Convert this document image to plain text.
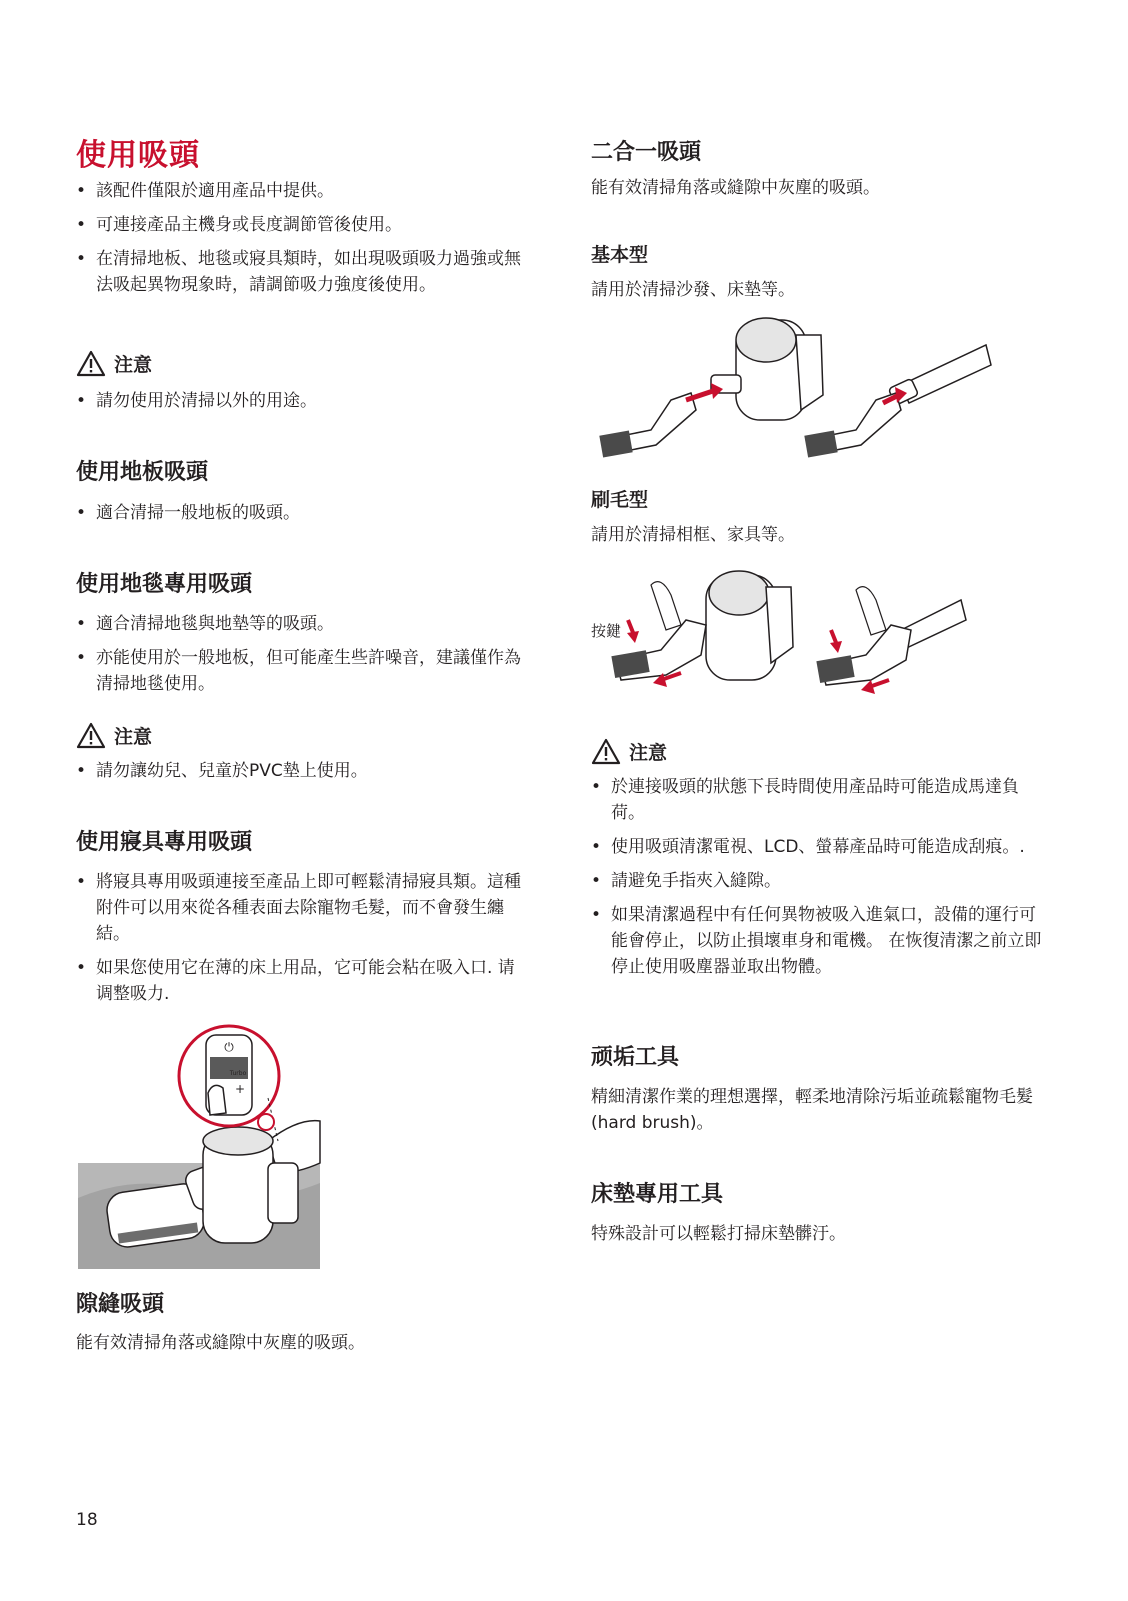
使用吸頭
• 該配件僅限於適用產品中提供。
• 可連接產品主機身或長度調節管後使用。
• 在清掃地板、地毯或寢具類時，如出現吸頭吸力過強或無法吸起異物現象時，請調節吸力強度後使用。
注意
• 請勿使用於清掃以外的用途。
使用地板吸頭
• 適合清掃一般地板的吸頭。
使用地毯專用吸頭
• 適合清掃地毯與地墊等的吸頭。
• 亦能使用於一般地板，但可能產生些許噪音，建議僅作為清掃地毯使用。
注意
• 請勿讓幼兒、兒童於PVC墊上使用。
使用寢具專用吸頭
• 將寢具專用吸頭連接至產品上即可輕鬆清掃寢具類。這種附件可以用來從各種表面去除寵物毛髮，而不會發生纏結。
• 如果您使用它在薄的床上用品，它可能会粘在吸入口. 请调整吸力.
⏻
Turbo
+
隙縫吸頭
能有效清掃角落或縫隙中灰塵的吸頭。
二合一吸頭
能有效清掃角落或縫隙中灰塵的吸頭。
基本型
請用於清掃沙發、床墊等。
刷毛型
請用於清掃相框、家具等。
按鍵
注意
• 於連接吸頭的狀態下長時間使用產品時可能造成馬達負荷。
• 使用吸頭清潔電視、LCD、螢幕產品時可能造成刮痕。.
• 請避免手指夾入縫隙。
• 如果清潔過程中有任何異物被吸入進氣口，設備的運行可能會停止，以防止損壞車身和電機。 在恢復清潔之前立即停止使用吸塵器並取出物體。
顽垢工具
精細清潔作業的理想選擇，輕柔地清除污垢並疏鬆寵物毛髮(hard brush)。
床墊專用工具
特殊設計可以輕鬆打掃床墊髒汙。
18
